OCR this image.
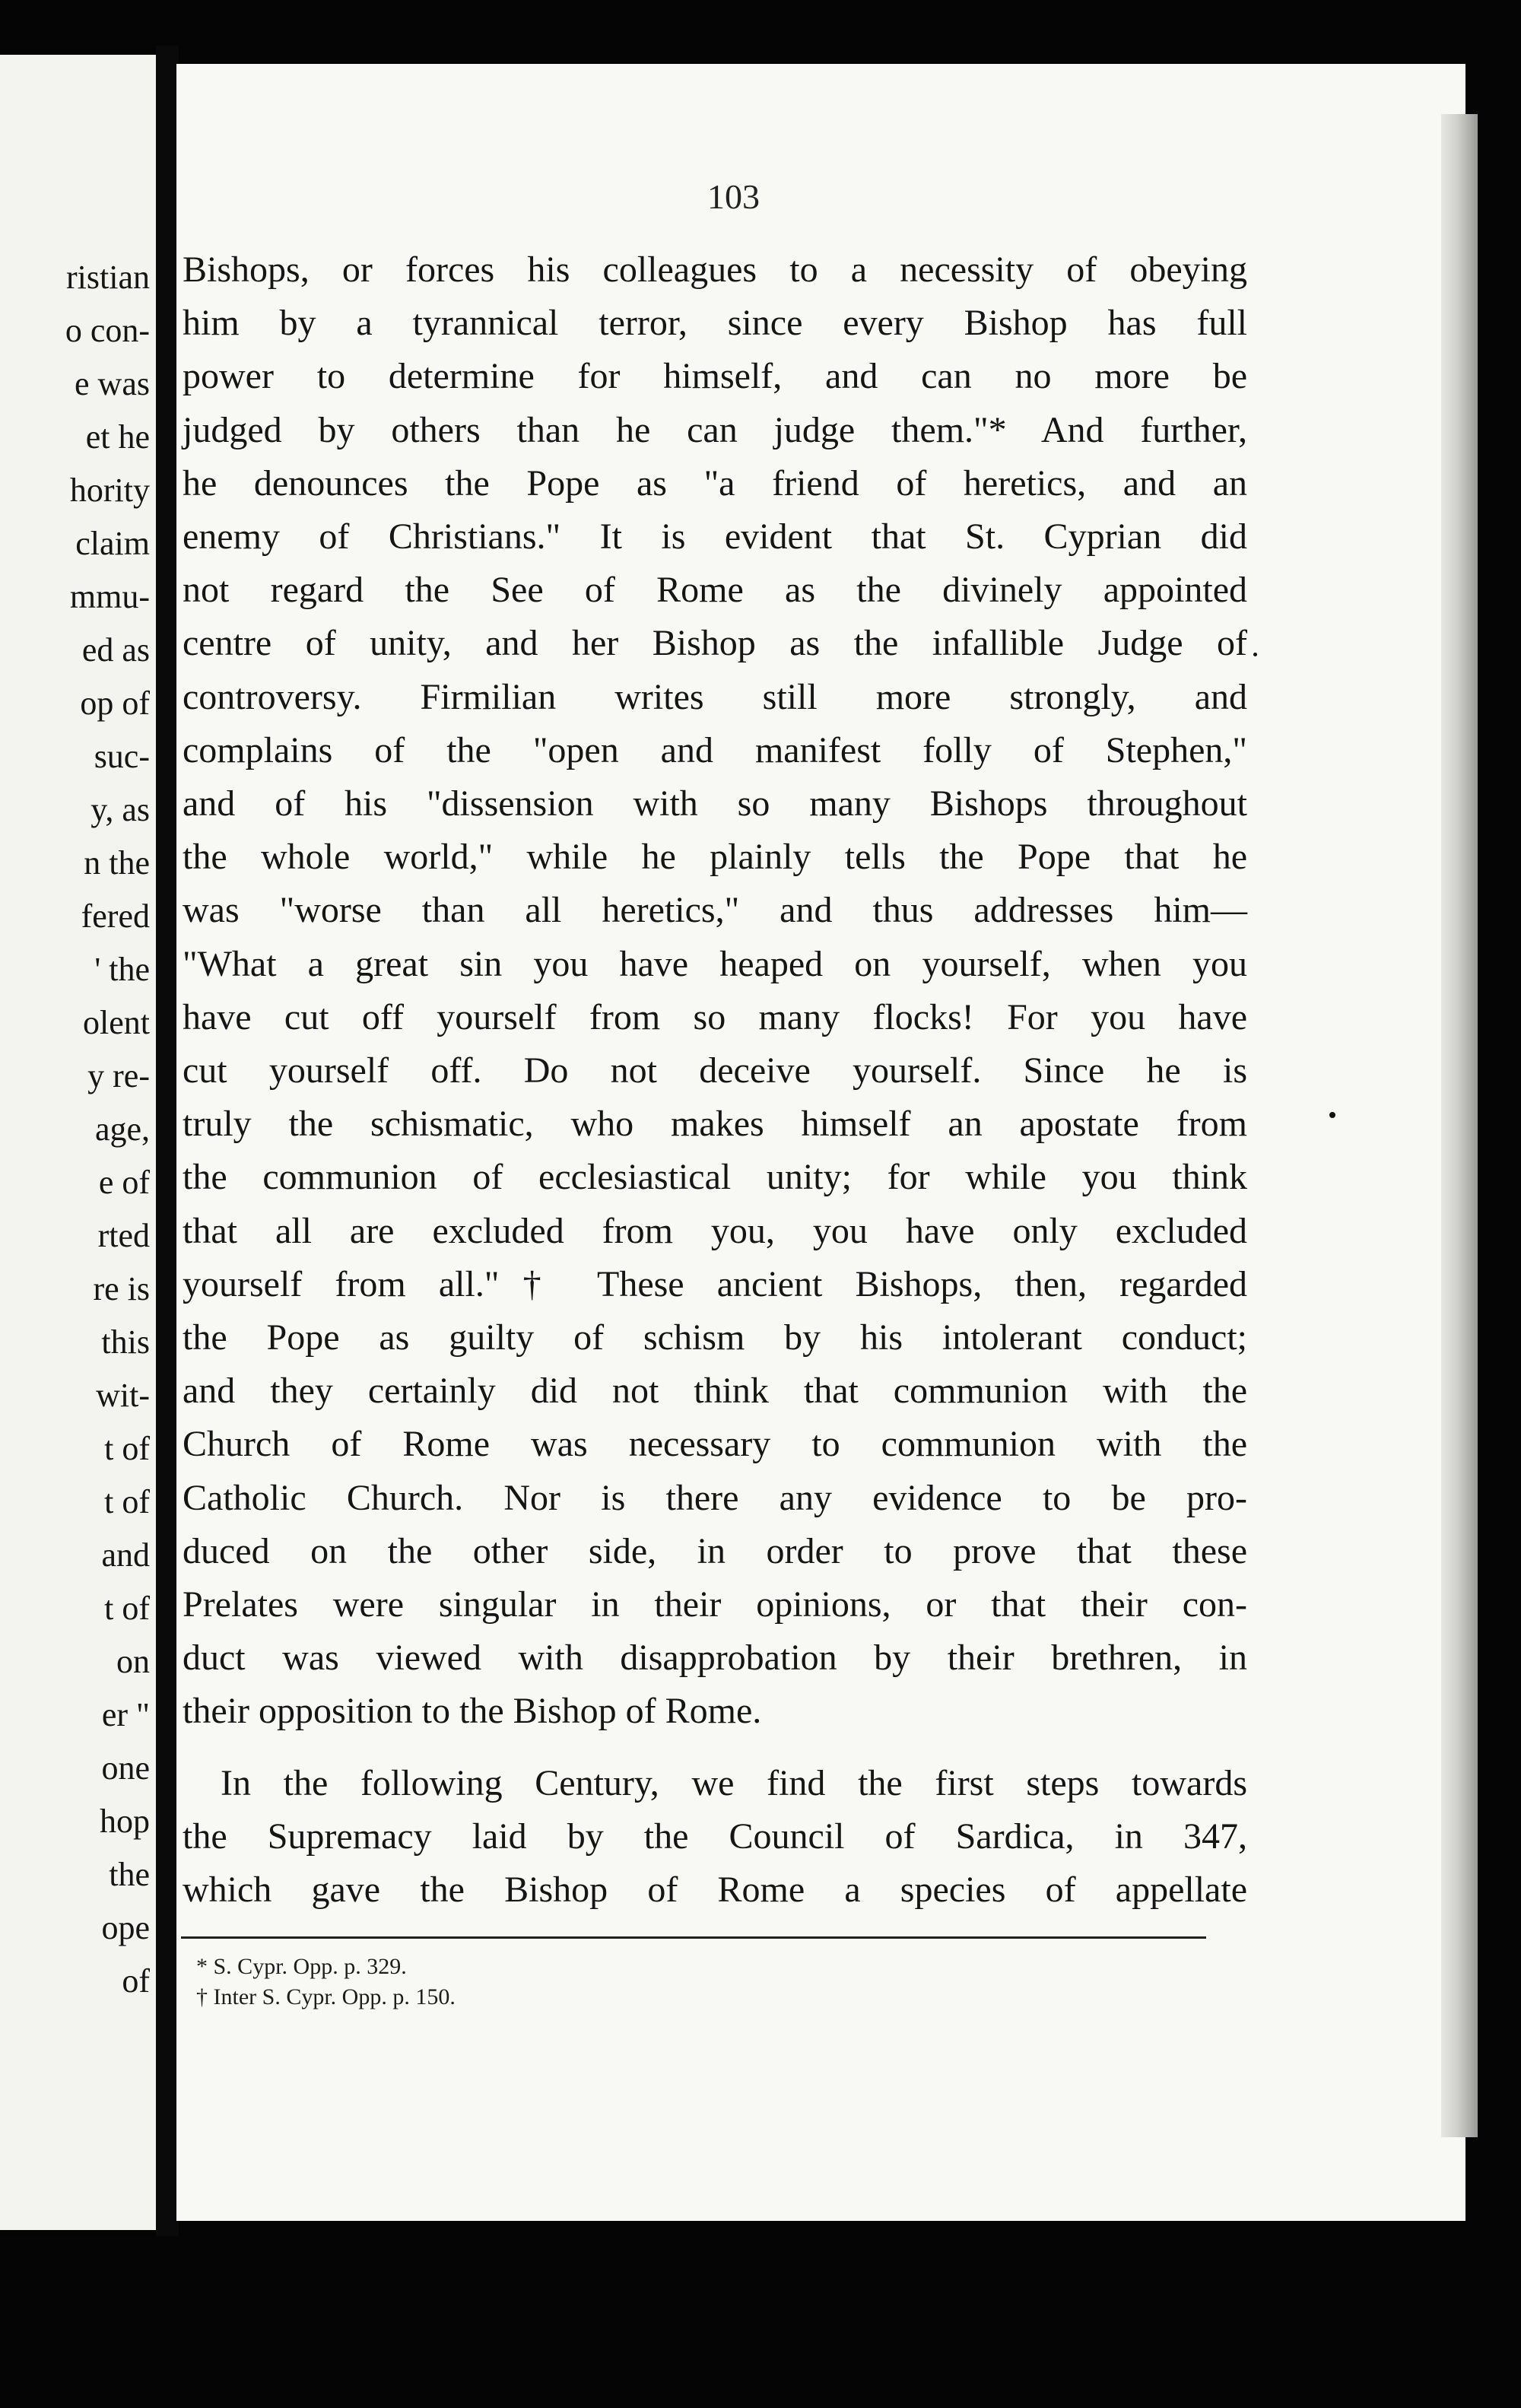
ristian
o con-
e was
et he
hority
claim
mmu-
ed as
op of
suc-
y, as
n the
fered
' the
olent
y re-
age,
e of
rted
re is
this
wit-
t of
t of
and
t of
on
er "
one
hop
the
ope
of
103
Bishops, or forces his colleagues to a necessity of obeying
him by a tyrannical terror, since every Bishop has full
power to determine for himself, and can no more be
judged by others than he can judge them."* And further,
he denounces the Pope as "a friend of heretics, and an
enemy of Christians." It is evident that St. Cyprian did
not regard the See of Rome as the divinely appointed
centre of unity, and her Bishop as the infallible Judge of
controversy. Firmilian writes still more strongly, and
complains of the "open and manifest folly of Stephen,"
and of his "dissension with so many Bishops throughout
the whole world," while he plainly tells the Pope that he
was "worse than all heretics," and thus addresses him—
"What a great sin you have heaped on yourself, when you
have cut off yourself from so many flocks! For you have
cut yourself off. Do not deceive yourself. Since he is
truly the schismatic, who makes himself an apostate from
the communion of ecclesiastical unity; for while you think
that all are excluded from you, you have only excluded
yourself from all."† These ancient Bishops, then, regarded
the Pope as guilty of schism by his intolerant conduct;
and they certainly did not think that communion with the
Church of Rome was necessary to communion with the
Catholic Church. Nor is there any evidence to be pro-
duced on the other side, in order to prove that these
Prelates were singular in their opinions, or that their con-
duct was viewed with disapprobation by their brethren, in
their opposition to the Bishop of Rome.
In the following Century, we find the first steps towards
the Supremacy laid by the Council of Sardica, in 347,
which gave the Bishop of Rome a species of appellate
* S. Cypr. Opp. p. 329.
† Inter S. Cypr. Opp. p. 150.
